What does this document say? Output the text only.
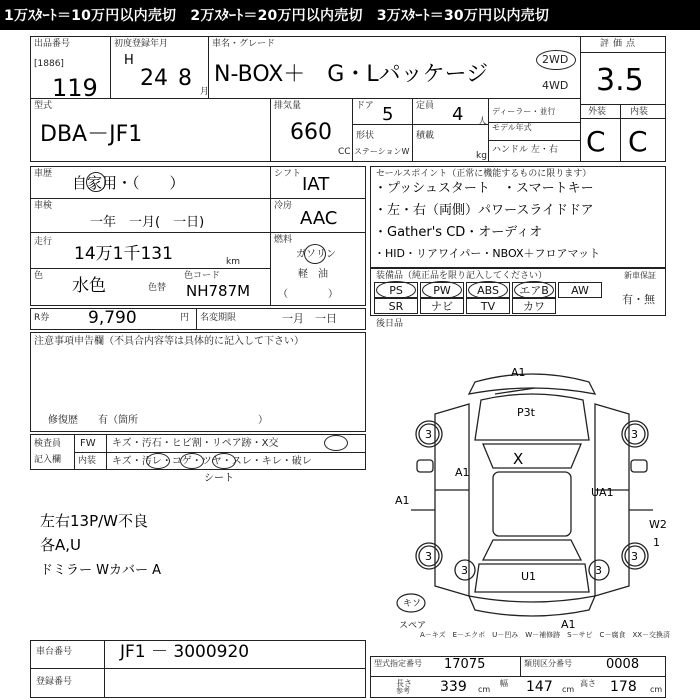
1万ｽﾀｰﾄ＝10万円以内売切　2万ｽﾀｰﾄ＝20万円以内売切　3万ｽﾀｰﾄ＝30万円以内売切
出品番号
[1886]
119
初度登録年月
H
24 8
月
車名・グレード
N-BOX＋　G・Lパッケージ
2WD
4WD
評価点
3.5
型式
DBA－JF1
排気量
660
CC
ドア 5	定員 4 人
形状
ステーションW
積載
kg
ディーラー・並行
モデル年式
ハンドル 左・右
外装	内装
C C
車歴 自家用・（　　）
車検
一年　一月(　一日)
走行
14万1千131	km
色 水色	色替
色コード
NH787M
シフト IAT
冷房
AAC
燃料
ガソリン
軽　油
（　　　　）
R券 9,790	円 名変期限	一月　一日
セールスポイント（正常に機能するものに限ります）
・プッシュスタート　・スマートキー
・左・右（両側）パワースライドドア
・Gather's CD・オーディオ
・HID・リアワイパー・NBOX＋フロアマット
装備品（純正品を限り記入してください）	新車保証
有・無
PS	PW	ABS	エアB	AW
SR	ナビ	TV	カワ
後日品
注意事項申告欄（不具合内容等は具体的に記入して下さい）
修復歴　　有（箇所　　　　　　　　　　　　）
検査員
記入欄
FW キズ・汚石・ヒビ割・リペア跡・X交
内装 キズ・汚レ・コゲ・ツヤ・スレ・キレ・破レ
シート
左右13P/W不良
各A,U
ドミラー Wカバー A
A1
P3t
X
A1
A1
UA1
U1
A1
W2
1
3	3
3	3
3	3
キソ
スペア
A－キズ　E－エクボ　U－凹み　W－補修跡　S－サビ　C－腐食　XX－交換済
車台番号	JF1 － 3000920
登録番号
型式指定番号 17075	類別区分番号	0008
参考
長さ 339 cm
幅 147 cm
高さ 178 cm
